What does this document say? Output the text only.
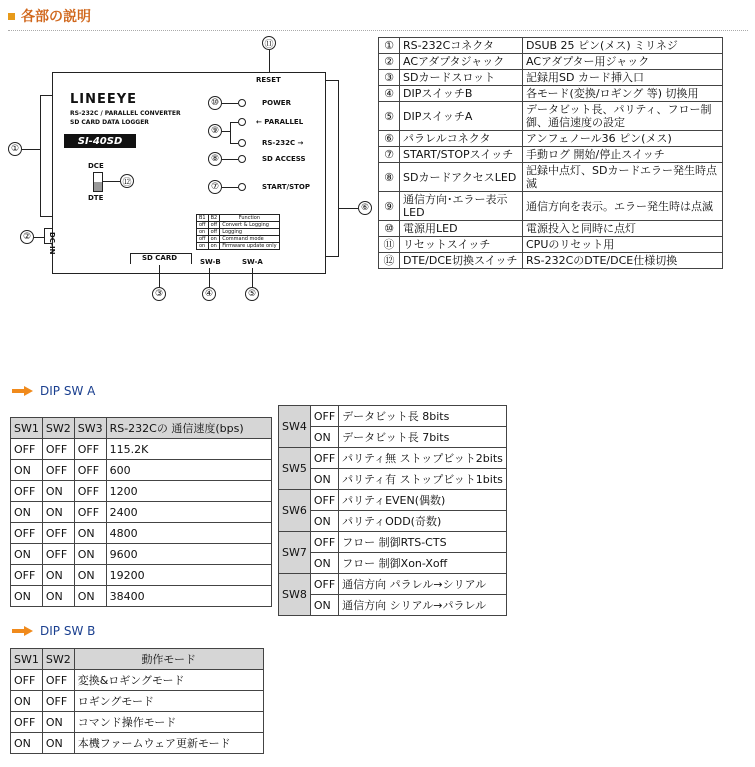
各部の説明
⑪
RESET
LINEEYE
RS-232C / PARALLEL CONVERTER
SD CARD DATA LOGGER
SI-40SD
⑩	POWER
⑨
← PARALLEL
RS-232C →
⑧	SD ACCESS
⑦	START/STOP
DCE
⑫
DTE
DC-IN
B1	B2	Function
off	off	Convert & Logging
on	off	Logging
off	on	Command mode
on	on	Firmware update only
SD CARD	SW-B	SW-A
③	④	⑤
①
②
⑥
①	RS-232Cコネクタ	DSUB 25 ピン(メス) ミリネジ
②	ACアダプタジャック	ACアダプター用ジャック
③	SDカードスロット	記録用SD カード挿入口
④	DIPスイッチB	各モード(変換/ロギング 等) 切換用
⑤	DIPスイッチA	データビット長、パリティ、フロー制御、通信速度の設定
⑥	パラレルコネクタ	アンフェノール36 ピン(メス)
⑦	START/STOPスイッチ	手動ログ 開始/停止スイッチ
⑧	SDカードアクセスLED	記録中点灯、SDカードエラー発生時点滅
⑨	通信方向･エラー表示LED	通信方向を表示。エラー発生時は点滅
⑩	電源用LED	電源投入と同時に点灯
⑪	リセットスイッチ	CPUのリセット用
⑫	DTE/DCE切換スイッチ	RS-232CのDTE/DCE仕様切換
DIP SW A
SW1	SW2	SW3	RS-232Cの 通信速度(bps)
OFF	OFF	OFF	115.2K
ON	OFF	OFF	600
OFF	ON	OFF	1200
ON	ON	OFF	2400
OFF	OFF	ON	4800
ON	OFF	ON	9600
OFF	ON	ON	19200
ON	ON	ON	38400
SW4	OFF	データビット長 8bits
	ON	データビット長 7bits
SW5	OFF	パリティ無 ストップビット2bits
	ON	パリティ有 ストップビット1bits
SW6	OFF	パリティEVEN(偶数)
	ON	パリティODD(奇数)
SW7	OFF	フロー 制御RTS-CTS
	ON	フロー 制御Xon-Xoff
SW8	OFF	通信方向 パラレル→シリアル
	ON	通信方向 シリアル→パラレル
DIP SW B
SW1	SW2	動作モード
OFF	OFF	変換&ロギングモード
ON	OFF	ロギングモード
OFF	ON	コマンド操作モード
ON	ON	本機ファームウェア更新モード
